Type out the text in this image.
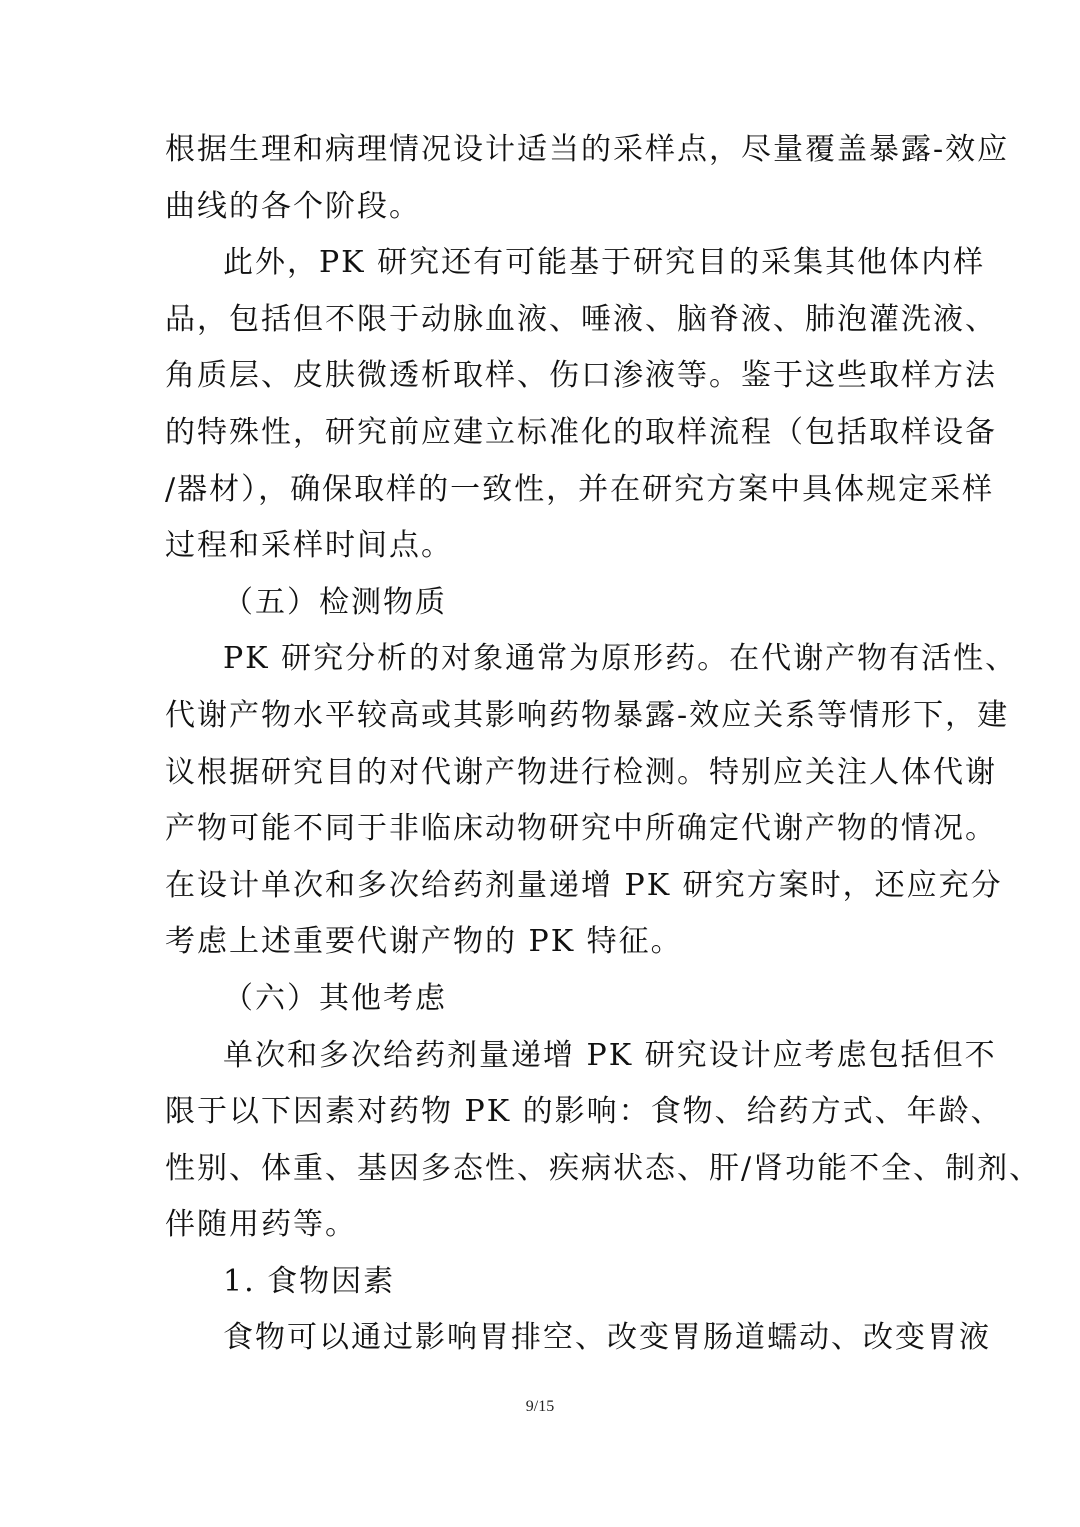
根据生理和病理情况设计适当的采样点，尽量覆盖暴露-效应

曲线的各个阶段。

此外，PK 研究还有可能基于研究目的采集其他体内样

品，包括但不限于动脉血液、唾液、脑脊液、肺泡灌洗液、

角质层、皮肤微透析取样、伤口渗液等。鉴于这些取样方法

的特殊性，研究前应建立标准化的取样流程（包括取样设备

/器材），确保取样的一致性，并在研究方案中具体规定采样

过程和采样时间点。

（五）检测物质

PK 研究分析的对象通常为原形药。在代谢产物有活性、

代谢产物水平较高或其影响药物暴露-效应关系等情形下，建

议根据研究目的对代谢产物进行检测。特别应关注人体代谢

产物可能不同于非临床动物研究中所确定代谢产物的情况。

在设计单次和多次给药剂量递增 PK 研究方案时，还应充分

考虑上述重要代谢产物的 PK 特征。

（六）其他考虑

单次和多次给药剂量递增 PK 研究设计应考虑包括但不

限于以下因素对药物 PK 的影响：食物、给药方式、年龄、

性别、体重、基因多态性、疾病状态、肝/肾功能不全、制剂、

伴随用药等。

1. 食物因素

食物可以通过影响胃排空、改变胃肠道蠕动、改变胃液

9/15
